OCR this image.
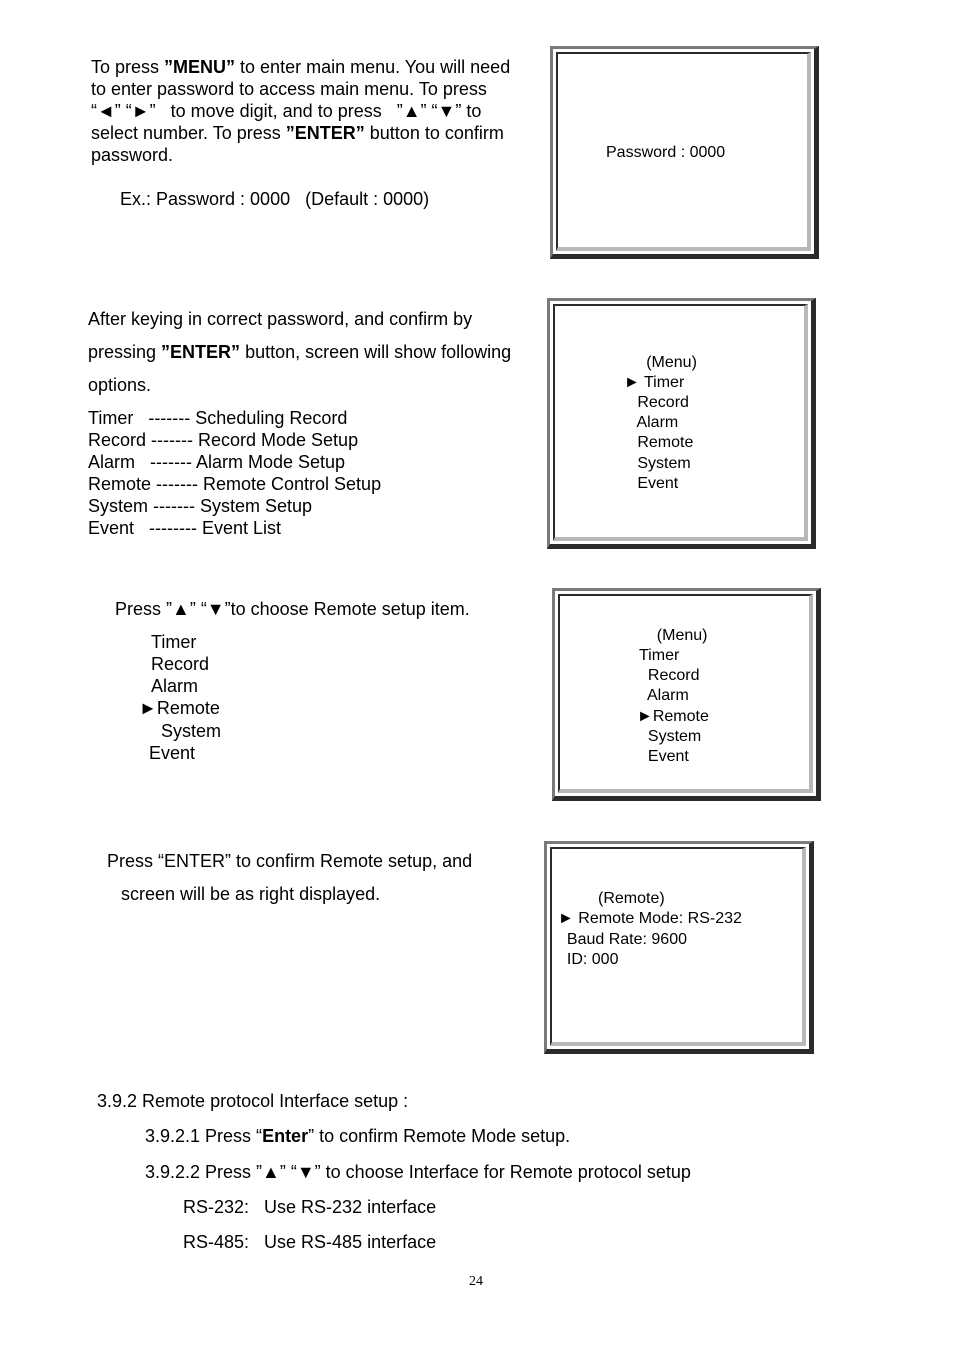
To press ”MENU” to enter main menu. You will need
to enter password to access main menu. To press
“◄” “►”   to move digit, and to press   ”▲” “▼” to
select number. To press ”ENTER” button to confirm
password.
Ex.: Password : 0000   (Default : 0000)
Password : 0000
After keying in correct password, and confirm by
pressing ”ENTER” button, screen will show following
options.
Timer   ------- Scheduling Record
Record ------- Record Mode Setup
Alarm   ------- Alarm Mode Setup
Remote ------- Remote Control Setup
System ------- System Setup
Event   -------- Event List
(Menu)
► Timer
Record
Alarm
Remote
System
Event
Press ”▲” “▼”to choose Remote setup item.
Timer
Record
Alarm
►Remote
System
Event
(Menu)
Timer
Record
Alarm
►Remote
System
Event
Press “ENTER” to confirm Remote setup, and
screen will be as right displayed.	(Remote)
► Remote Mode: RS-232
Baud Rate: 9600
ID: 000
3.9.2 Remote protocol Interface setup :
3.9.2.1 Press “Enter” to confirm Remote Mode setup.
3.9.2.2 Press ”▲” “▼” to choose Interface for Remote protocol setup
RS-232:   Use RS-232 interface
RS-485:   Use RS-485 interface
24
